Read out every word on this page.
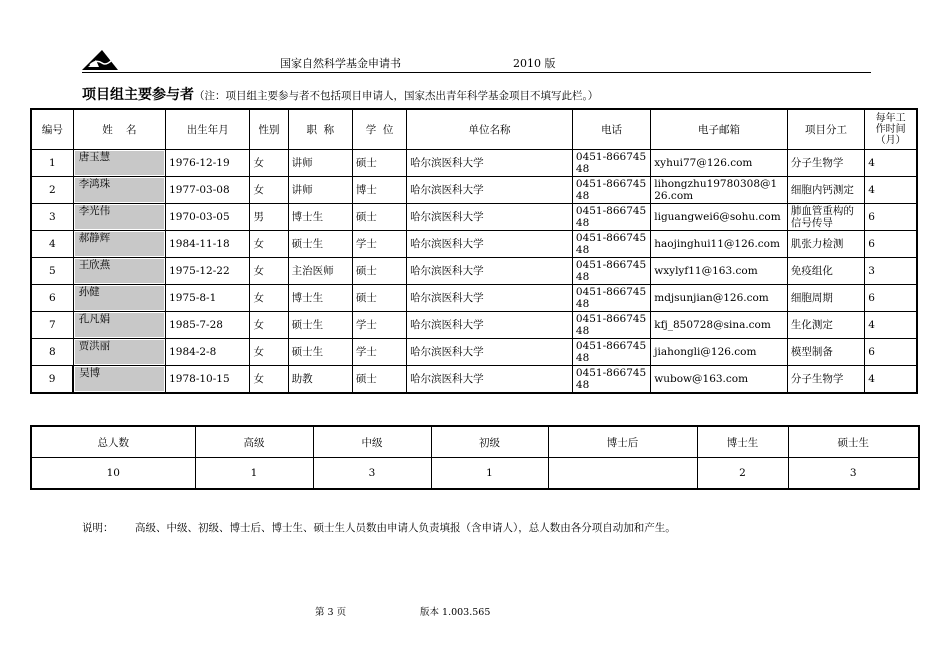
国家自然科学基金申请书	2010 版
项目组主要参与者（注：项目组主要参与者不包括项目申请人，国家杰出青年科学基金项目不填写此栏。）
编号	姓    名	出生年月	性别	职  称	学  位	单位名称	电话	电子邮箱	项目分工	每年工作时间（月）
1	唐玉慧	1976-12-19	女	讲师	硕士	哈尔滨医科大学	0451-86674548	xyhui77@126.com	分子生物学	4
2	李鸿珠	1977-03-08	女	讲师	博士	哈尔滨医科大学	0451-86674548	lihongzhu19780308@126.com	细胞内钙测定	4
3	李光伟	1970-03-05	男	博士生	硕士	哈尔滨医科大学	0451-86674548	liguangwei6@sohu.com	肺血管重构的信号传导	6
4	郝静辉	1984-11-18	女	硕士生	学士	哈尔滨医科大学	0451-86674548	haojinghui11@126.com	肌张力检测	6
5	王欣燕	1975-12-22	女	主治医师	硕士	哈尔滨医科大学	0451-86674548	wxylyf11@163.com	免疫组化	3
6	孙健	1975-8-1	女	博士生	硕士	哈尔滨医科大学	0451-86674548	mdjsunjian@126.com	细胞周期	6
7	孔凡娟	1985-7-28	女	硕士生	学士	哈尔滨医科大学	0451-86674548	kfj_850728@sina.com	生化测定	4
8	贾洪丽	1984-2-8	女	硕士生	学士	哈尔滨医科大学	0451-86674548	jiahongli@126.com	模型制备	6
9	吴博	1978-10-15	女	助教	硕士	哈尔滨医科大学	0451-86674548	wubow@163.com	分子生物学	4
总人数	高级	中级	初级	博士后	博士生	硕士生
10	1	3	1		2	3
说明： 高级、中级、初级、博士后、博士生、硕士生人员数由申请人负责填报（含申请人），总人数由各分项自动加和产生。
第 3 页	版本 1.003.565
